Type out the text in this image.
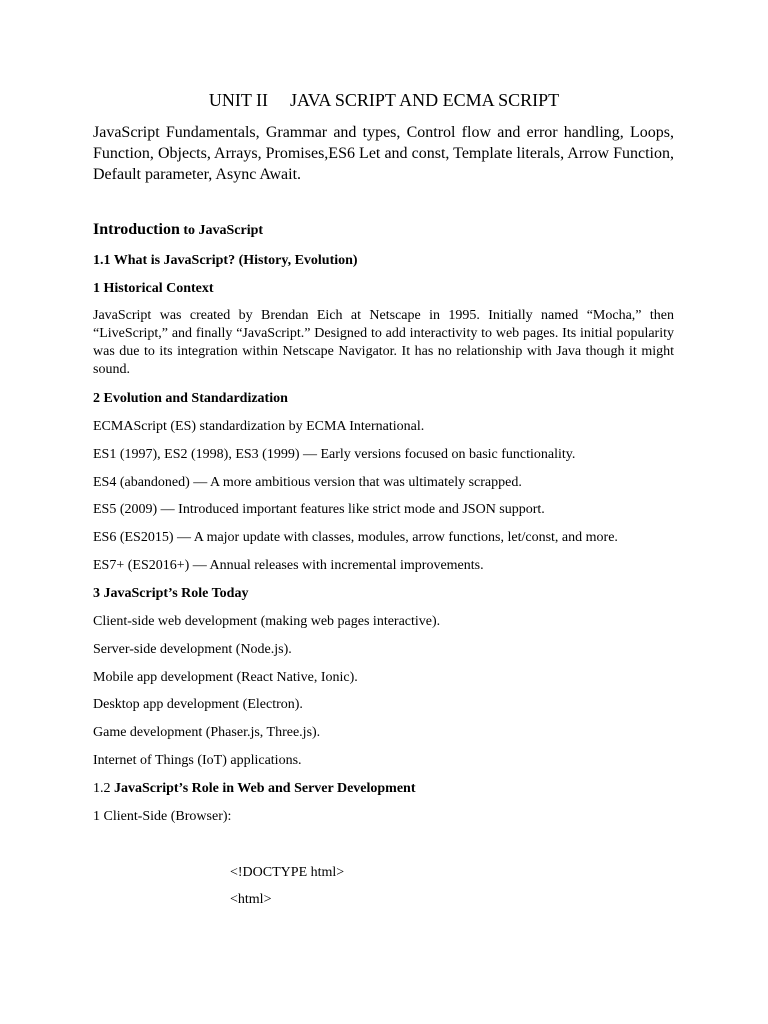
UNIT II JAVA SCRIPT AND ECMA SCRIPT
JavaScript Fundamentals, Grammar and types, Control flow and error handling, Loops, Function, Objects, Arrays, Promises,ES6 Let and const, Template literals, Arrow Function, Default parameter, Async Await.
Introduction to JavaScript
1.1 What is JavaScript? (History, Evolution)
1 Historical Context
JavaScript was created by Brendan Eich at Netscape in 1995. Initially named “Mocha,” then “LiveScript,” and finally “JavaScript.” Designed to add interactivity to web pages. Its initial popularity was due to its integration within Netscape Navigator. It has no relationship with Java though it might sound.
2 Evolution and Standardization
ECMAScript (ES) standardization by ECMA International.
ES1 (1997), ES2 (1998), ES3 (1999) — Early versions focused on basic functionality.
ES4 (abandoned) — A more ambitious version that was ultimately scrapped.
ES5 (2009) — Introduced important features like strict mode and JSON support.
ES6 (ES2015) — A major update with classes, modules, arrow functions, let/const, and more.
ES7+ (ES2016+) — Annual releases with incremental improvements.
3 JavaScript’s Role Today
Client-side web development (making web pages interactive).
Server-side development (Node.js).
Mobile app development (React Native, Ionic).
Desktop app development (Electron).
Game development (Phaser.js, Three.js).
Internet of Things (IoT) applications.
1.2 JavaScript’s Role in Web and Server Development
1 Client-Side (Browser):
<!DOCTYPE html>
<html>
